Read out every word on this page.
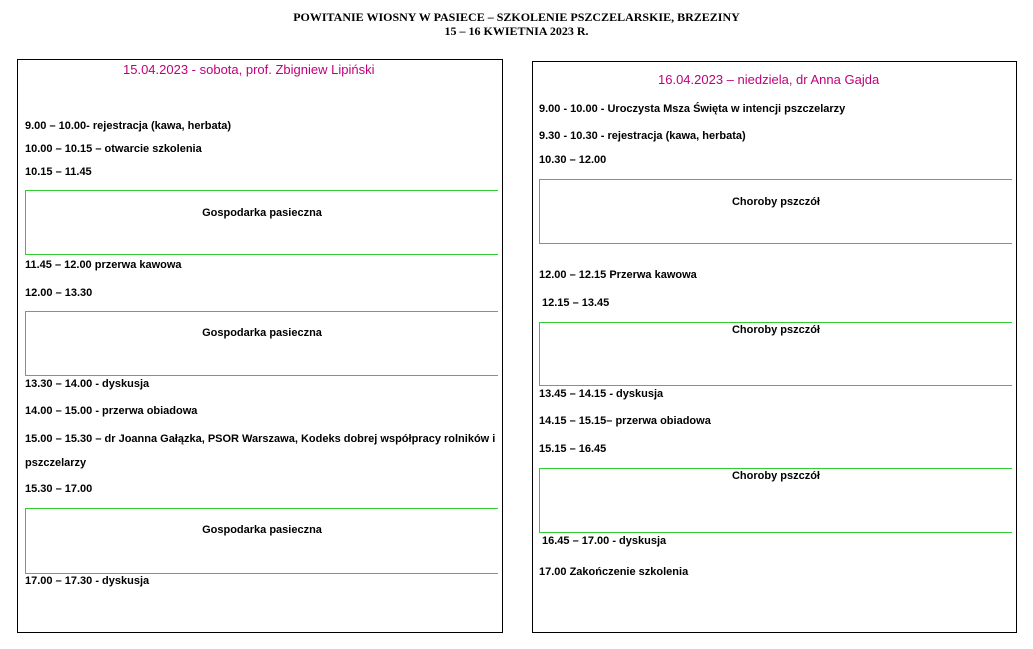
POWITANIE WIOSNY W PASIECE – SZKOLENIE PSZCZELARSKIE, BRZEZINY
15 – 16 KWIETNIA 2023 R.
15.04.2023 - sobota, prof. Zbigniew Lipiński
9.00 – 10.00- rejestracja (kawa, herbata)
10.00 – 10.15 – otwarcie szkolenia
10.15 – 11.45
Gospodarka pasieczna
11.45 – 12.00 przerwa kawowa
12.00 – 13.30
Gospodarka pasieczna
13.30 – 14.00 - dyskusja
14.00 – 15.00 - przerwa obiadowa
15.00 – 15.30 – dr Joanna Gałązka, PSOR Warszawa, Kodeks dobrej współpracy rolników i
pszczelarzy
15.30 – 17.00
Gospodarka pasieczna
17.00 – 17.30 - dyskusja
16.04.2023 – niedziela, dr Anna Gajda
9.00 - 10.00 - Uroczysta Msza Święta w intencji pszczelarzy
9.30 - 10.30 - rejestracja (kawa, herbata)
10.30 – 12.00
Choroby pszczół
12.00 – 12.15 Przerwa kawowa
12.15 – 13.45
Choroby pszczół
13.45 – 14.15 - dyskusja
14.15 – 15.15– przerwa obiadowa
15.15 – 16.45
Choroby pszczół
16.45 – 17.00 - dyskusja
17.00 Zakończenie szkolenia
